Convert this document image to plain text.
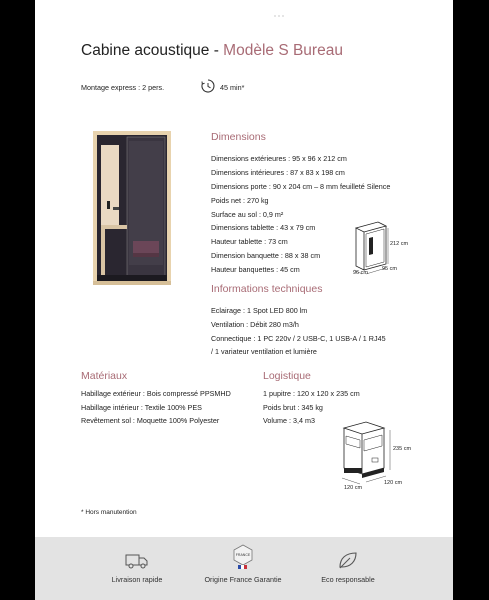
Cabine acoustique - Modèle S Bureau
Montage express : 2 pers.	45 min*
Dimensions
Dimensions extérieures : 95 x 96 x 212 cm
Dimensions intérieures : 87 x 83 x 198 cm
Dimensions porte : 90 x 204 cm – 8 mm feuilleté Silence
Poids net : 270 kg
Surface au sol : 0,9 m²
Dimensions tablette : 43 x 79 cm
Hauteur tablette : 73 cm
Dimension banquette : 88 x 38 cm
Hauteur banquettes : 45 cm
212 cm
96 cm
95 cm
Informations techniques
Eclairage : 1 Spot LED 800 lm
Ventilation : Débit 280 m3/h
Connectique : 1 PC 220v / 2 USB-C, 1 USB-A / 1 RJ45
/ 1 variateur ventilation et lumière
Matériaux
Habillage extérieur : Bois compressé PPSMHD
Habillage intérieur : Textile 100% PES
Revêtement sol : Moquette 100% Polyester
Logistique
1 pupitre : 120 x 120 x 235 cm
Poids brut : 345 kg
Volume : 3,4 m3
235 cm
120 cm
120 cm
* Hors manutention
Livraison rapide
FRANCE
Origine France Garantie	Eco responsable
